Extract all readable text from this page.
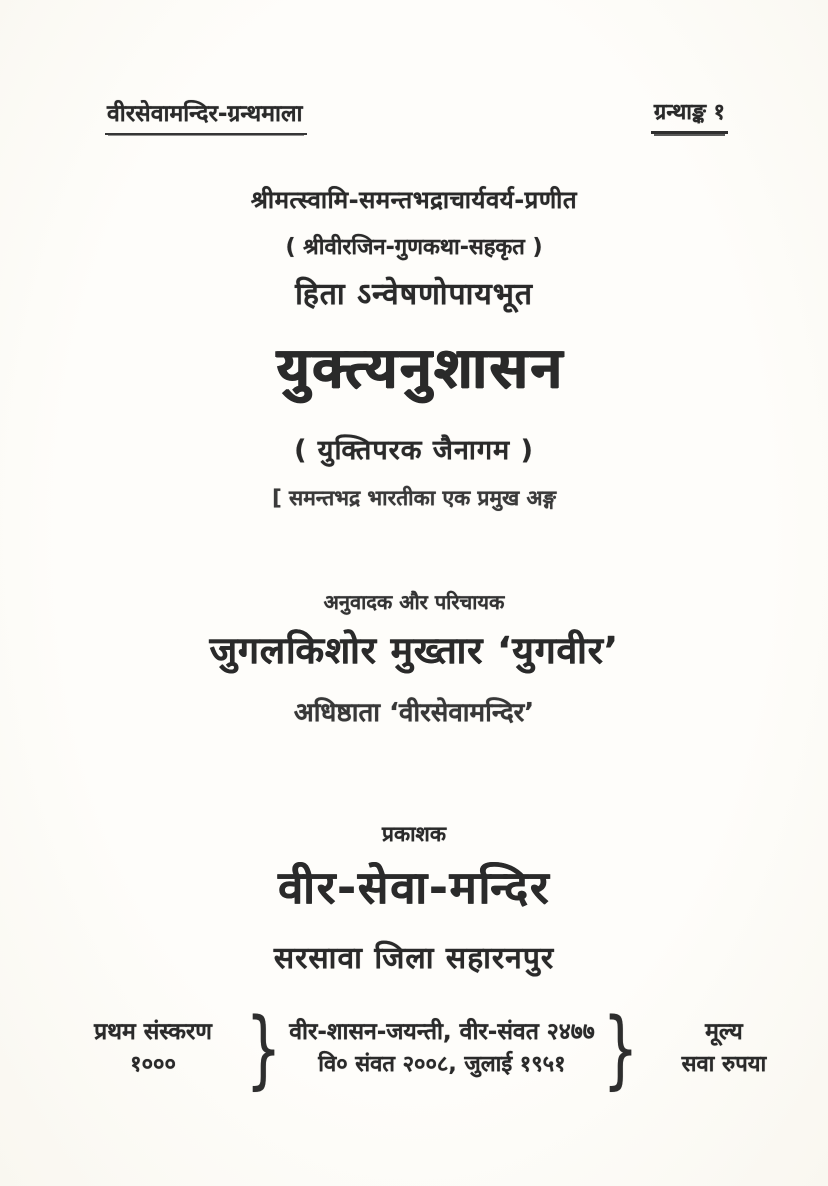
वीरसेवामन्दिर-ग्रन्थमाला	ग्रन्थाङ्क १
श्रीमत्स्वामि-समन्तभद्राचार्यवर्य-प्रणीत
( श्रीवीरजिन-गुणकथा-सहकृत )
हिता ऽन्वेषणोपायभूत
युक्त्यनुशासन
( युक्तिपरक जैनागम )
[ समन्तभद्र भारतीका एक प्रमुख अङ्ग
अनुवादक और परिचायक
जुगलकिशोर मुख्तार ‘युगवीर’
अधिष्ठाता ‘वीरसेवामन्दिर’
प्रकाशक
वीर-सेवा-मन्दिर
सरसावा जिला सहारनपुर
प्रथम संस्करण
१००० } वीर-शासन-जयन्ती, वीर-संवत २४७७
वि० संवत २००८, जुलाई १९५१ }	मूल्य
सवा रुपया
